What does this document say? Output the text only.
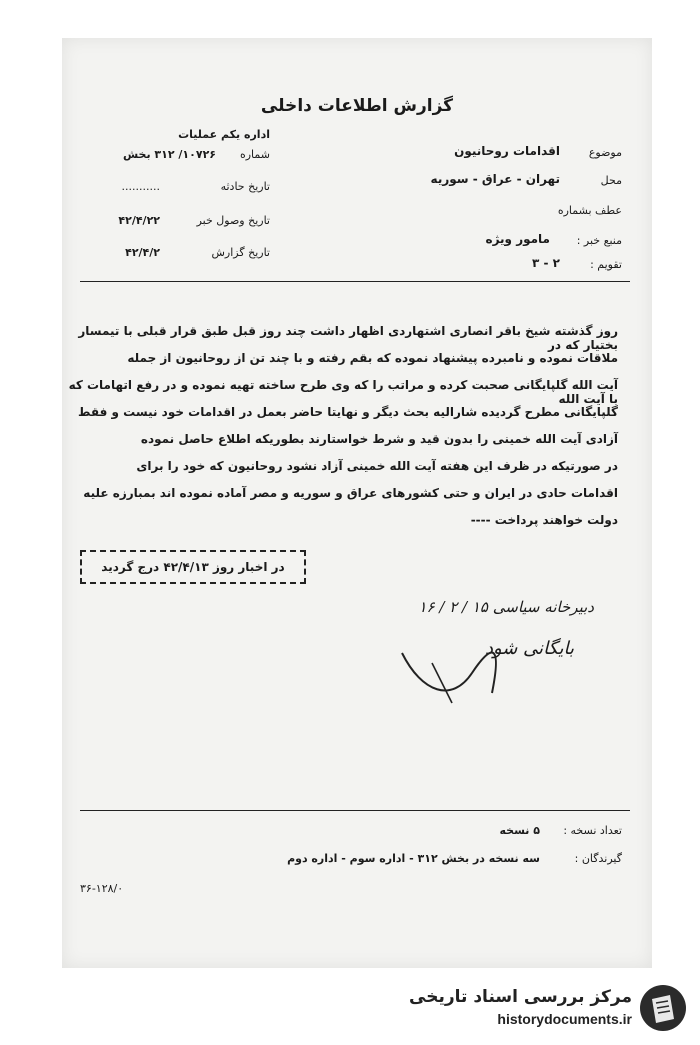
گزارش اطلاعات داخلی
اداره یکم عملیات
شماره
۱۰۷۲۶/ ۳۱۲ بخش
تاریخ حادثه
...........
تاریخ وصول خبر
۴۲/۴/۲۲
تاریخ گزارش
۴۲/۴/۲
موضوع
اقدامات روحانیون
محل
تهران - عراق - سوریه
عطف بشماره
منبع خبر :
مامور ویژه
تقویم :
۳ - ۲
روز گذشته شیخ باقر انصاری اشتهاردی اظهار داشت چند روز قبل طبق قرار قبلی با تیمسار بختیار که در
ملاقات نموده و نامبرده پیشنهاد نموده که بقم رفته و با چند تن از روحانیون از جمله
آیت الله گلپایگانی صحبت کرده و مراتب را که وی طرح ساخته تهیه نموده و در رفع اتهامات که با آیت الله
گلپایگانی مطرح گردیده شارالیه بحث دیگر و نهایتا حاضر بعمل در اقدامات خود نیست و فقط
آزادی آیت الله خمینی را بدون قید و شرط خواستارند بطوریکه اطلاع حاصل نموده
در صورتیکه در ظرف این هفته آیت الله خمینی آزاد نشود روحانیون که خود را برای
اقدامات حادی در ایران و حتی کشورهای عراق و سوریه و مصر آماده نموده اند بمبارزه علیه
دولت خواهند پرداخت ----
در اخبار روز ۴۲/۴/۱۳ درج گردید
دبیرخانه سیاسی ۱۵ / ۲ / ۱۶
بایگانی شود
تعداد نسخه :
۵ نسخه
گیرندگان :
سه نسخه در بخش ۳۱۲ - اداره سوم - اداره دوم
۳۶-۱۲۸/۰
مرکز بررسی اسناد تاریخی
historydocuments.ir
